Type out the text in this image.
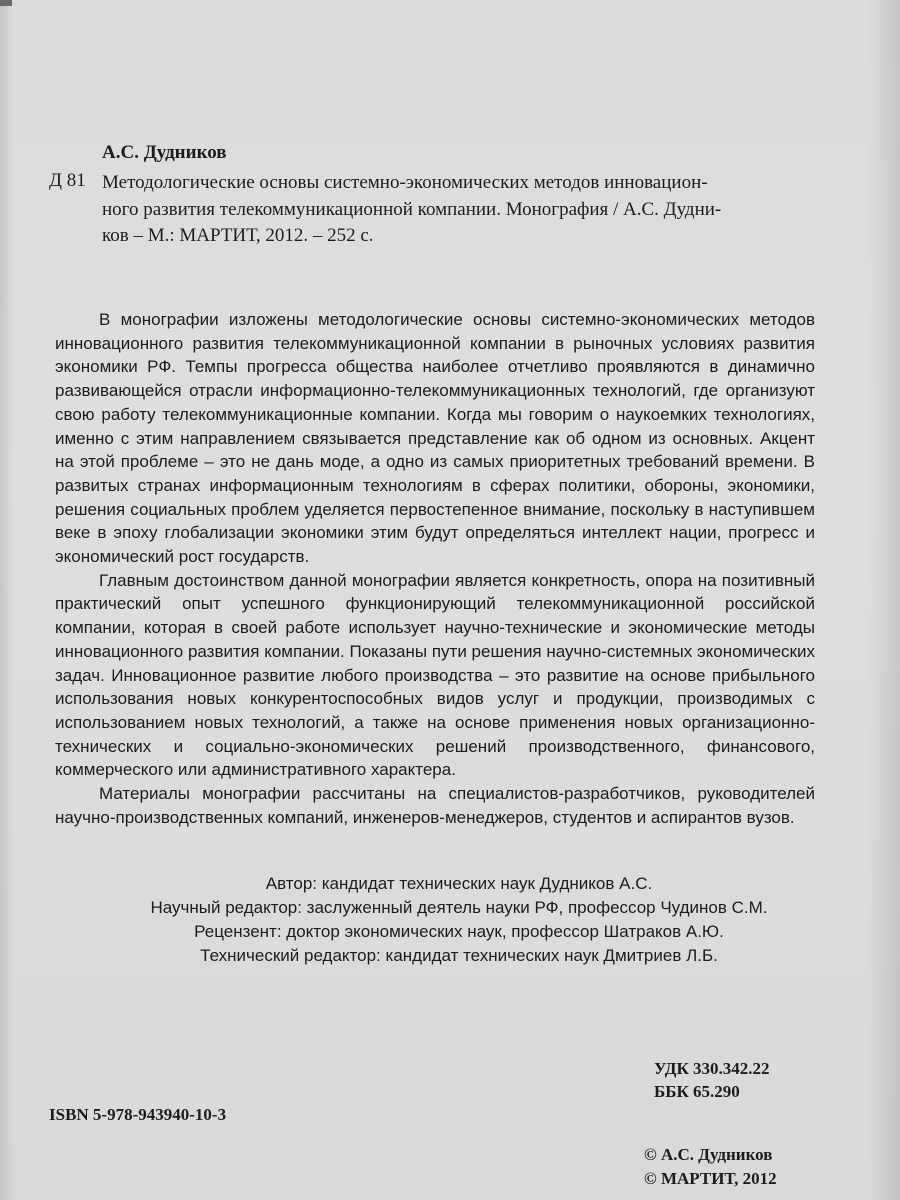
А.С. Дудников
Д 81 Методологические основы системно-экономических методов инновацион-
ного развития телекоммуникационной компании. Монография / А.С. Дудни-
ков – М.: МАРТИТ, 2012. – 252 с.

В монографии изложены методологические основы системно-экономических методов инновационного развития телекоммуникационной компании в рыночных условиях развития экономики РФ. Темпы прогресса общества наиболее отчетливо проявляются в динамично развивающейся отрасли информационно-телекоммуникационных технологий, где организуют свою работу телекоммуникационные компании. Когда мы говорим о наукоемких технологиях, именно с этим направлением связывается представление как об одном из основных. Акцент на этой проблеме – это не дань моде, а одно из самых приоритетных требований времени. В развитых странах информационным технологиям в сферах политики, обороны, экономики, решения социальных проблем уделяется первостепенное внимание, поскольку в наступившем веке в эпоху глобализации экономики этим будут определяться интеллект нации, прогресс и экономический рост государств.

Главным достоинством данной монографии является конкретность, опора на позитивный практический опыт успешного функционирующий телекоммуникационной российской компании, которая в своей работе использует научно-технические и экономические методы инновационного развития компании. Показаны пути решения научно-системных экономических задач. Инновационное развитие любого производства – это развитие на основе прибыльного использования новых конкурентоспособных видов услуг и продукции, производимых с использованием новых технологий, а также на основе применения новых организационно-технических и социально-экономических решений производственного, финансового, коммерческого или административного характера.

Материалы монографии рассчитаны на специалистов-разработчиков, руководителей научно-производственных компаний, инженеров-менеджеров, студентов и аспирантов вузов.

Автор: кандидат технических наук Дудников А.С.
Научный редактор: заслуженный деятель науки РФ, профессор Чудинов С.М.
Рецензент: доктор экономических наук, профессор Шатраков А.Ю.
Технический редактор: кандидат технических наук Дмитриев Л.Б.
УДК 330.342.22
ББК 65.290
ISBN 5-978-943940-10-3
© А.С. Дудников
© МАРТИТ, 2012
